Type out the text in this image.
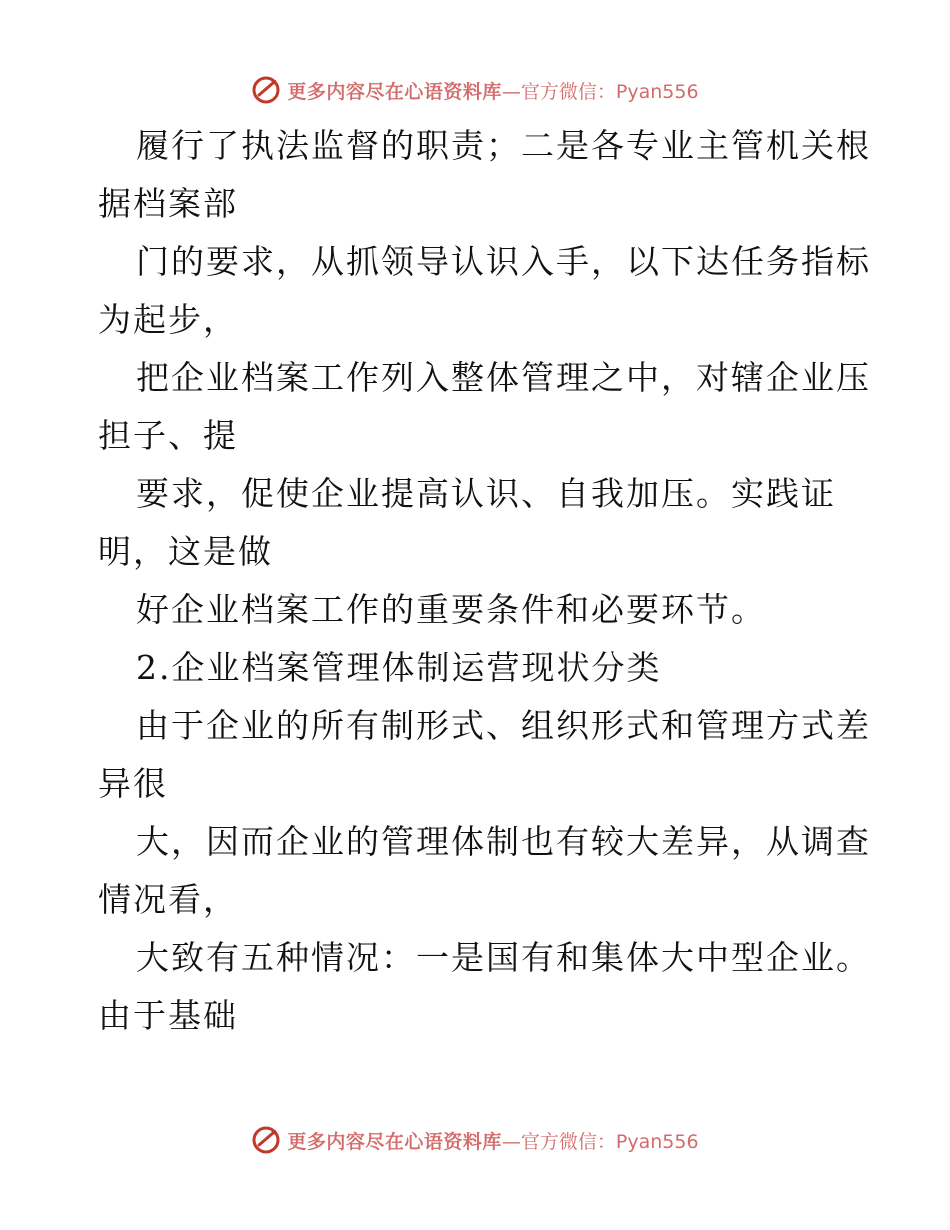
更多内容尽在心语资料库 —官方微信：Pyan556
履行了执法监督的职责；二是各专业主管机关根
据档案部
门的要求，从抓领导认识入手，以下达任务指标
为起步，
把企业档案工作列入整体管理之中，对辖企业压
担子、提
要求，促使企业提高认识、自我加压。实践证
明，这是做
好企业档案工作的重要条件和必要环节。
2.企业档案管理体制运营现状分类
由于企业的所有制形式、组织形式和管理方式差
异很
大，因而企业的管理体制也有较大差异，从调查
情况看，
大致有五种情况：一是国有和集体大中型企业。
由于基础
更多内容尽在心语资料库 —官方微信：Pyan556
